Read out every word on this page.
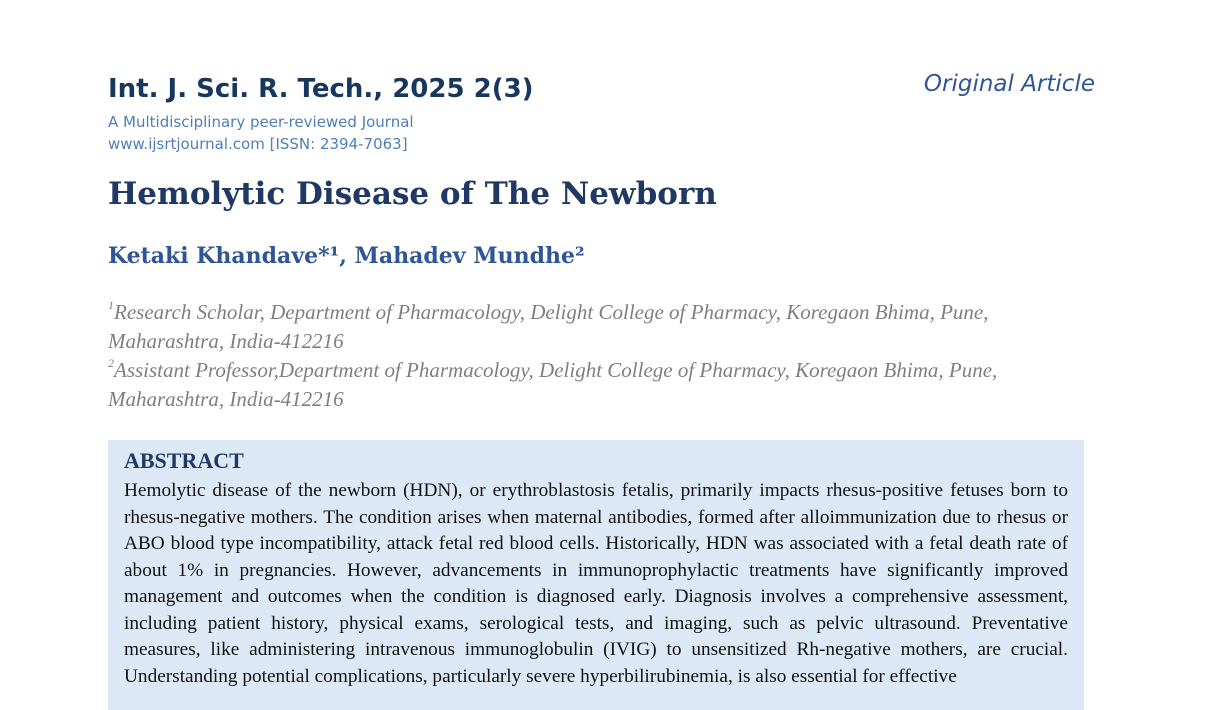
Int. J. Sci. R. Tech., 2025 2(3)	Original Article
A Multidisciplinary peer-reviewed Journal
www.ijsrtjournal.com [ISSN: 2394-7063]
Hemolytic Disease of The Newborn
Ketaki Khandave*¹, Mahadev Mundhe²
$^1$Research Scholar, Department of Pharmacology, Delight College of Pharmacy, Koregaon Bhima, Pune,
Maharashtra, India-412216
$^2$Assistant Professor,Department of Pharmacology, Delight College of Pharmacy, Koregaon Bhima, Pune,
Maharashtra, India-412216
ABSTRACT
Hemolytic disease of the newborn (HDN), or erythroblastosis fetalis, primarily impacts rhesus-positive fetuses born to rhesus-negative mothers. The condition arises when maternal antibodies, formed after alloimmunization due to rhesus or ABO blood type incompatibility, attack fetal red blood cells. Historically, HDN was associated with a fetal death rate of about 1% in pregnancies. However, advancements in immunoprophylactic treatments have significantly improved management and outcomes when the condition is diagnosed early. Diagnosis involves a comprehensive assessment, including patient history, physical exams, serological tests, and imaging, such as pelvic ultrasound. Preventative measures, like administering intravenous immunoglobulin (IVIG) to unsensitized Rh-negative mothers, are crucial. Understanding potential complications, particularly severe hyperbilirubinemia, is also essential for effective
